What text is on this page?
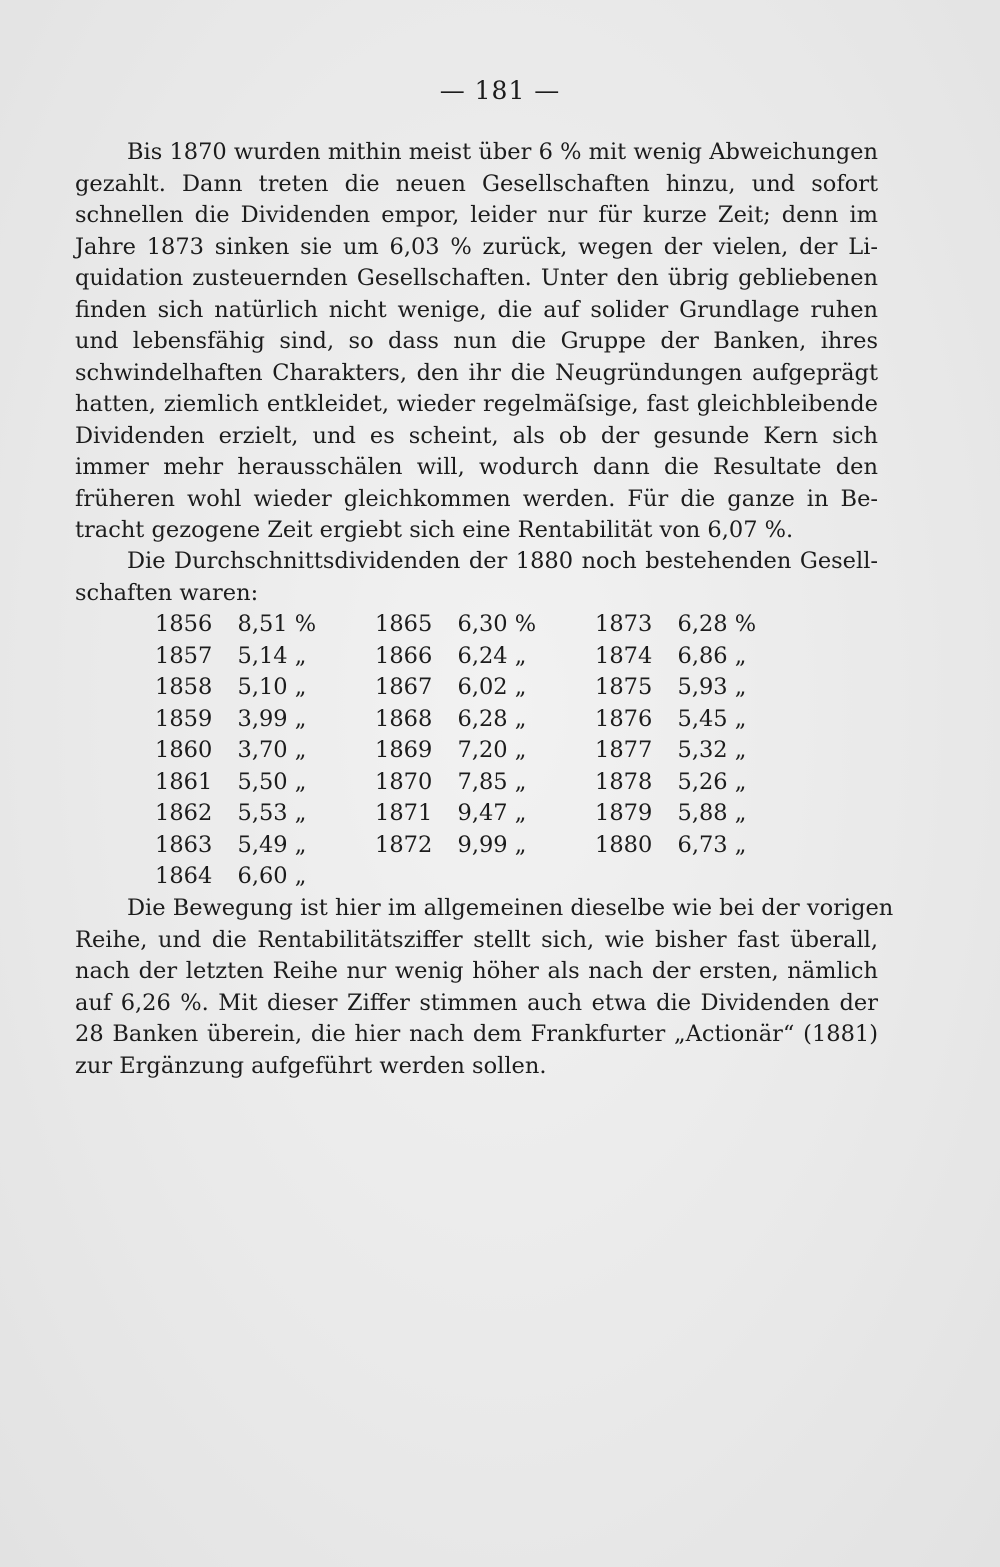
— 181 —
Bis 1870 wurden mithin meist über 6 % mit wenig Abweichungen
gezahlt. Dann treten die neuen Gesellschaften hinzu, und sofort
schnellen die Dividenden empor, leider nur für kurze Zeit; denn im
Jahre 1873 sinken sie um 6,03 % zurück, wegen der vielen, der Li-
quidation zusteuernden Gesellschaften. Unter den übrig gebliebenen
finden sich natürlich nicht wenige, die auf solider Grundlage ruhen
und lebensfähig sind, so dass nun die Gruppe der Banken, ihres
schwindelhaften Charakters, den ihr die Neugründungen aufgeprägt
hatten, ziemlich entkleidet, wieder regelmäſsige, fast gleichbleibende
Dividenden erzielt, und es scheint, als ob der gesunde Kern sich
immer mehr herausschälen will, wodurch dann die Resultate den
früheren wohl wieder gleichkommen werden. Für die ganze in Be-
tracht gezogene Zeit ergiebt sich eine Rentabilität von 6,07 %.
Die Durchschnittsdividenden der 1880 noch bestehenden Gesell-
schaften waren:
1856	8,51 %	1865	6,30 %	1873	6,28 %
1857	5,14 „	1866	6,24 „	1874	6,86 „
1858	5,10 „	1867	6,02 „	1875	5,93 „
1859	3,99 „	1868	6,28 „	1876	5,45 „
1860	3,70 „	1869	7,20 „	1877	5,32 „
1861	5,50 „	1870	7,85 „	1878	5,26 „
1862	5,53 „	1871	9,47 „	1879	5,88 „
1863	5,49 „	1872	9,99 „	1880	6,73 „
1864	6,60 „
Die Bewegung ist hier im allgemeinen dieselbe wie bei der vorigen
Reihe, und die Rentabilitätsziffer stellt sich, wie bisher fast überall,
nach der letzten Reihe nur wenig höher als nach der ersten, nämlich
auf 6,26 %. Mit dieser Ziffer stimmen auch etwa die Dividenden der
28 Banken überein, die hier nach dem Frankfurter „Actionär“ (1881)
zur Ergänzung aufgeführt werden sollen.
